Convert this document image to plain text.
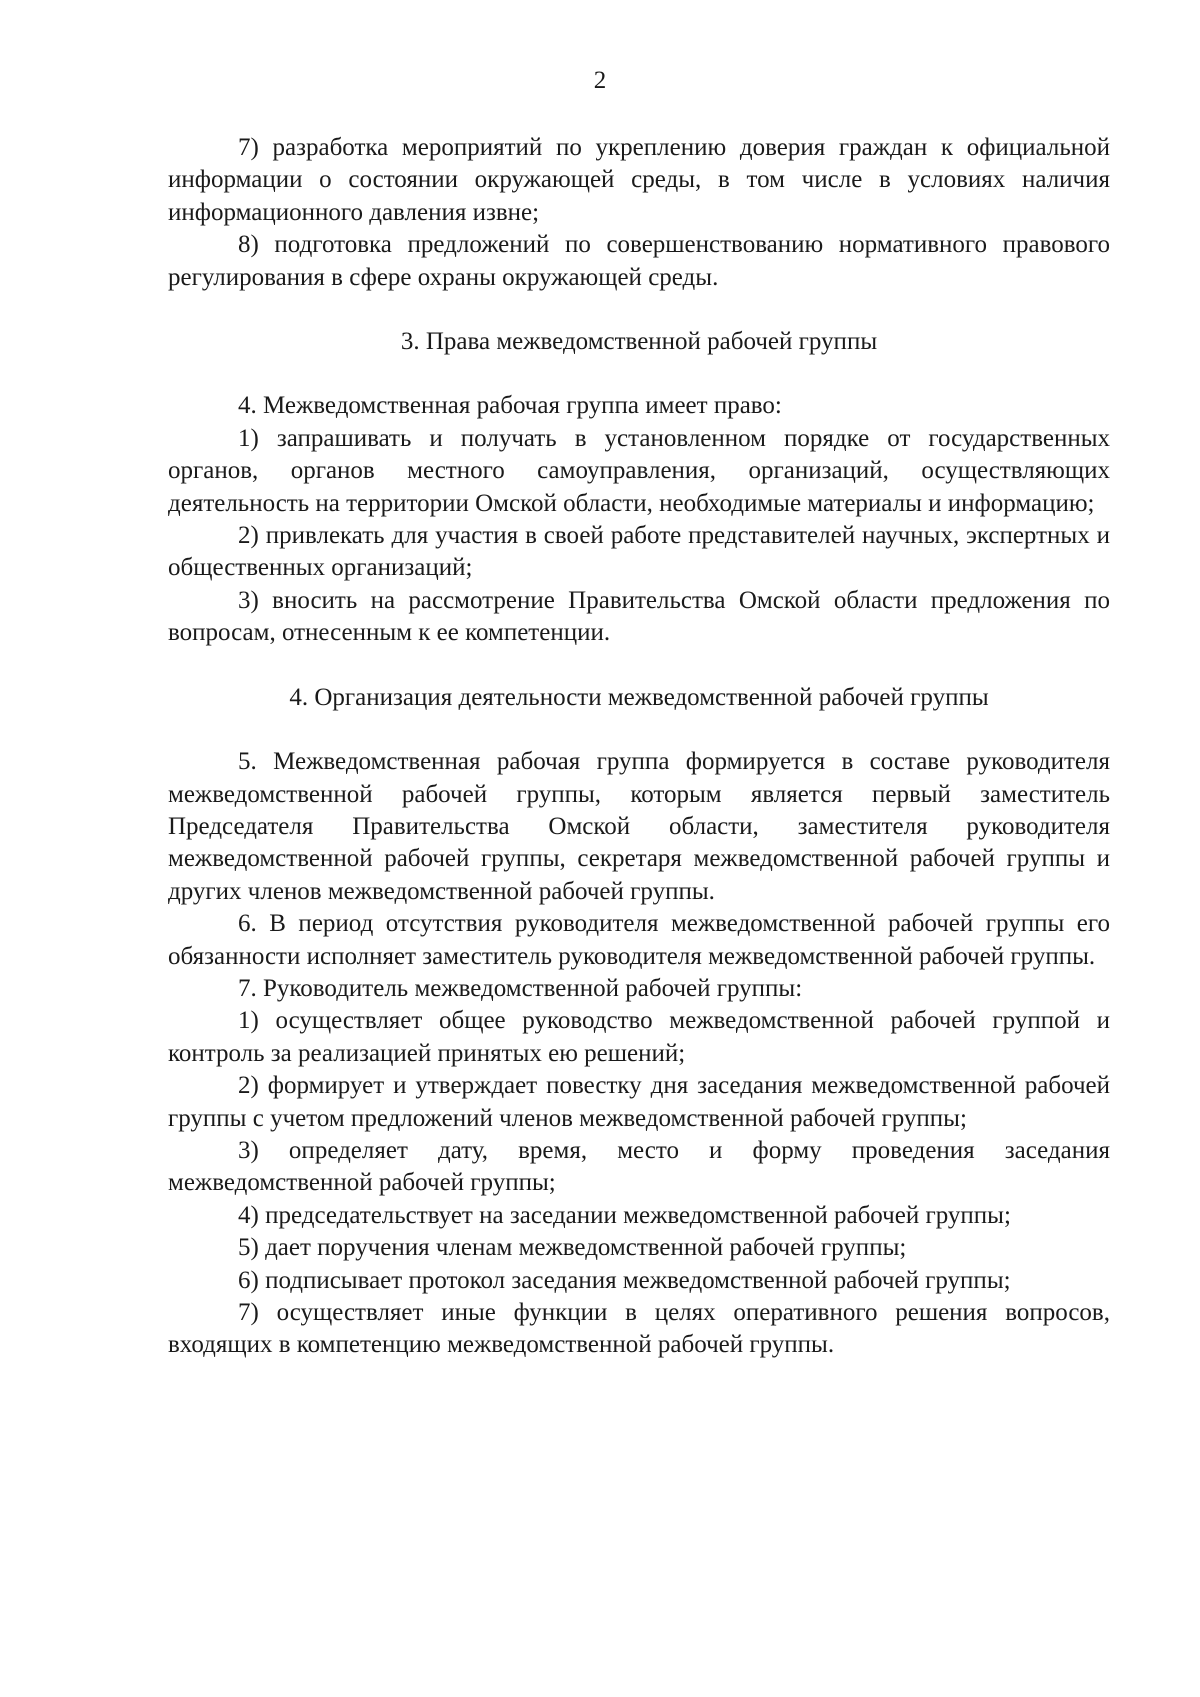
2

7) разработка мероприятий по укреплению доверия граждан к официальной информации о состоянии окружающей среды, в том числе в условиях наличия информационного давления извне;

8) подготовка предложений по совершенствованию нормативного правового регулирования в сфере охраны окружающей среды.

3. Права межведомственной рабочей группы

4. Межведомственная рабочая группа имеет право:

1) запрашивать и получать в установленном порядке от государственных органов, органов местного самоуправления, организаций, осуществляющих деятельность на территории Омской области, необходимые материалы и информацию;

2) привлекать для участия в своей работе представителей научных, экспертных и общественных организаций;

3) вносить на рассмотрение Правительства Омской области предложения по вопросам, отнесенным к ее компетенции.

4. Организация деятельности межведомственной рабочей группы

5. Межведомственная рабочая группа формируется в составе руководителя межведомственной рабочей группы, которым является первый заместитель Председателя Правительства Омской области, заместителя руководителя межведомственной рабочей группы, секретаря межведомственной рабочей группы и других членов межведомственной рабочей группы.

6. В период отсутствия руководителя межведомственной рабочей группы его обязанности исполняет заместитель руководителя межведомственной рабочей группы.

7. Руководитель межведомственной рабочей группы:

1) осуществляет общее руководство межведомственной рабочей группой и контроль за реализацией принятых ею решений;

2) формирует и утверждает повестку дня заседания межведомственной рабочей группы с учетом предложений членов межведомственной рабочей группы;

3) определяет дату, время, место и форму проведения заседания межведомственной рабочей группы;

4) председательствует на заседании межведомственной рабочей группы;

5) дает поручения членам межведомственной рабочей группы;

6) подписывает протокол заседания межведомственной рабочей группы;

7) осуществляет иные функции в целях оперативного решения вопросов, входящих в компетенцию межведомственной рабочей группы.
